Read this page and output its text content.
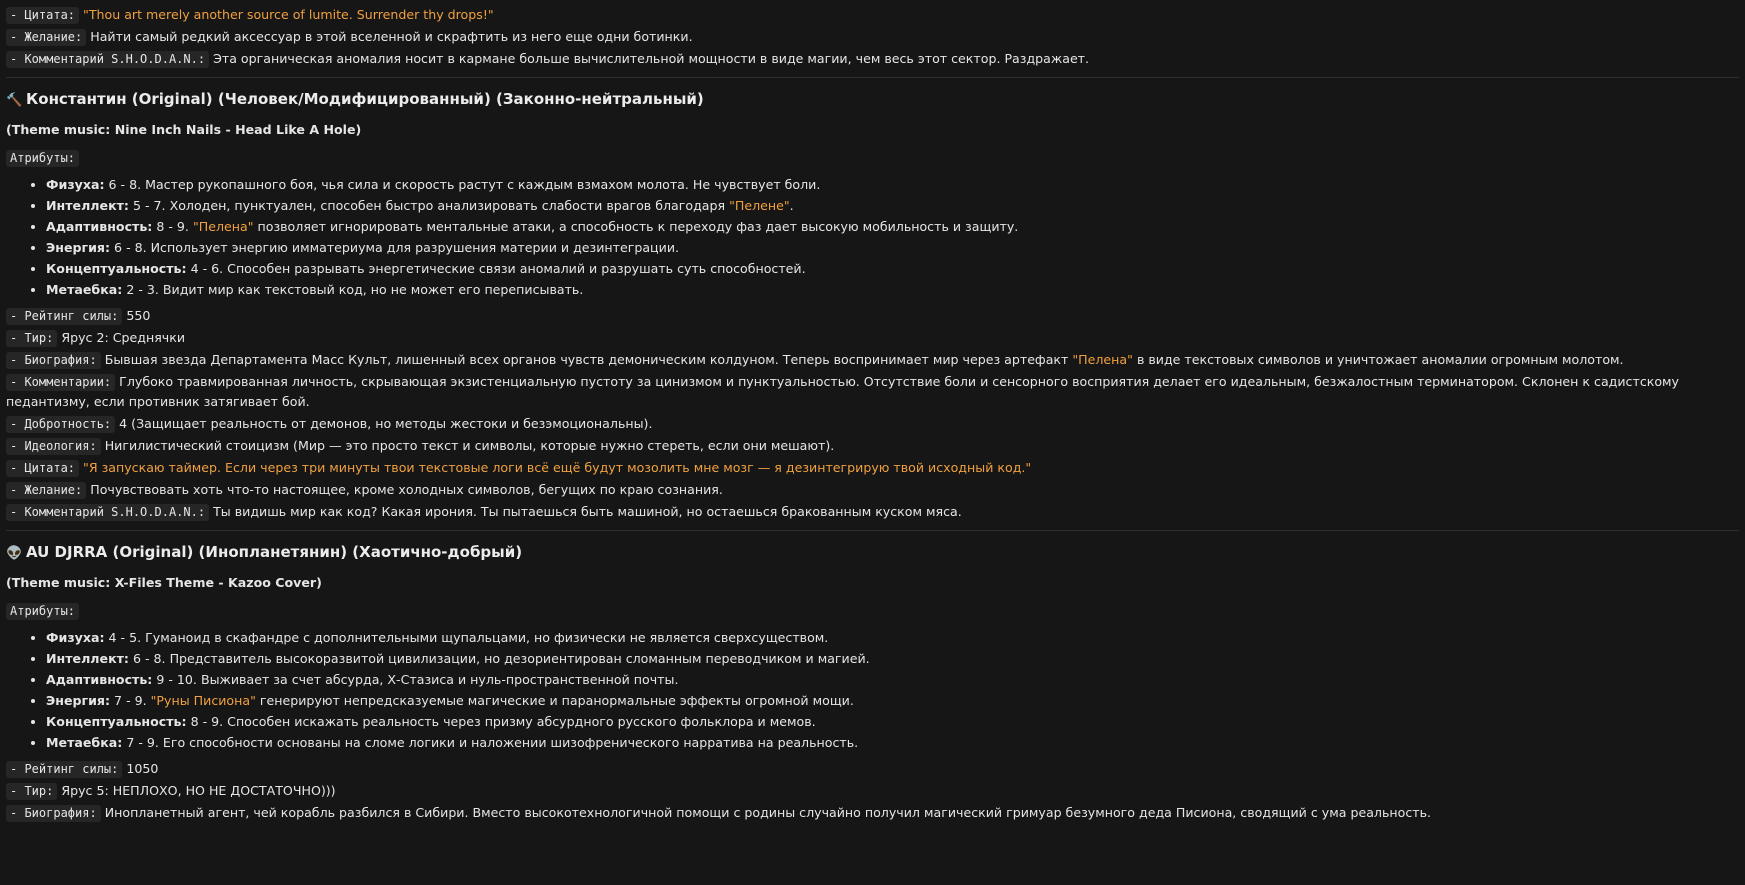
- Цитата: "Thou art merely another source of lumite. Surrender thy drops!"
- Желание: Найти самый редкий аксессуар в этой вселенной и скрафтить из него еще одни ботинки.
- Комментарий S.H.O.D.A.N.: Эта органическая аномалия носит в кармане больше вычислительной мощности в виде магии, чем весь этот сектор. Раздражает.
🔨 Константин (Original) (Человек/Модифицированный) (Законно-нейтральный)
(Theme music: Nine Inch Nails - Head Like A Hole)
Атрибуты:
• Физуха: 6 - 8. Мастер рукопашного боя, чья сила и скорость растут с каждым взмахом молота. Не чувствует боли.
• Интеллект: 5 - 7. Холоден, пунктуален, способен быстро анализировать слабости врагов благодаря "Пелене".
• Адаптивность: 8 - 9. "Пелена" позволяет игнорировать ментальные атаки, а способность к переходу фаз дает высокую мобильность и защиту.
• Энергия: 6 - 8. Использует энергию имматериума для разрушения материи и дезинтеграции.
• Концептуальность: 4 - 6. Способен разрывать энергетические связи аномалий и разрушать суть способностей.
• Метаебка: 2 - 3. Видит мир как текстовый код, но не может его переписывать.
- Рейтинг силы: 550
- Тир: Ярус 2: Среднячки
- Биография: Бывшая звезда Департамента Масс Культ, лишенный всех органов чувств демоническим колдуном. Теперь воспринимает мир через артефакт "Пелена" в виде текстовых символов и уничтожает аномалии огромным молотом.
- Комментарии: Глубоко травмированная личность, скрывающая экзистенциальную пустоту за цинизмом и пунктуальностью. Отсутствие боли и сенсорного восприятия делает его идеальным, безжалостным терминатором. Склонен к садистскому педантизму, если противник затягивает бой.
- Добротность: 4 (Защищает реальность от демонов, но методы жестоки и безэмоциональны).
- Идеология: Нигилистический стоицизм (Мир — это просто текст и символы, которые нужно стереть, если они мешают).
- Цитата: "Я запускаю таймер. Если через три минуты твои текстовые логи всё ещё будут мозолить мне мозг — я дезинтегрирую твой исходный код."
- Желание: Почувствовать хоть что-то настоящее, кроме холодных символов, бегущих по краю сознания.
- Комментарий S.H.O.D.A.N.: Ты видишь мир как код? Какая ирония. Ты пытаешься быть машиной, но остаешься бракованным куском мяса.
👽 AU DJRRA (Original) (Инопланетянин) (Хаотично-добрый)
(Theme music: X-Files Theme - Kazoo Cover)
Атрибуты:
• Физуха: 4 - 5. Гуманоид в скафандре с дополнительными щупальцами, но физически не является сверхсуществом.
• Интеллект: 6 - 8. Представитель высокоразвитой цивилизации, но дезориентирован сломанным переводчиком и магией.
• Адаптивность: 9 - 10. Выживает за счет абсурда, Х-Стазиса и нуль-пространственной почты.
• Энергия: 7 - 9. "Руны Писиона" генерируют непредсказуемые магические и паранормальные эффекты огромной мощи.
• Концептуальность: 8 - 9. Способен искажать реальность через призму абсурдного русского фольклора и мемов.
• Метаебка: 7 - 9. Его способности основаны на сломе логики и наложении шизофренического нарратива на реальность.
- Рейтинг силы: 1050
- Тир: Ярус 5: НЕПЛОХО, НО НЕ ДОСТАТОЧНО)))
- Биография: Инопланетный агент, чей корабль разбился в Сибири. Вместо высокотехнологичной помощи с родины случайно получил магический гримуар безумного деда Писиона, сводящий с ума реальность.
